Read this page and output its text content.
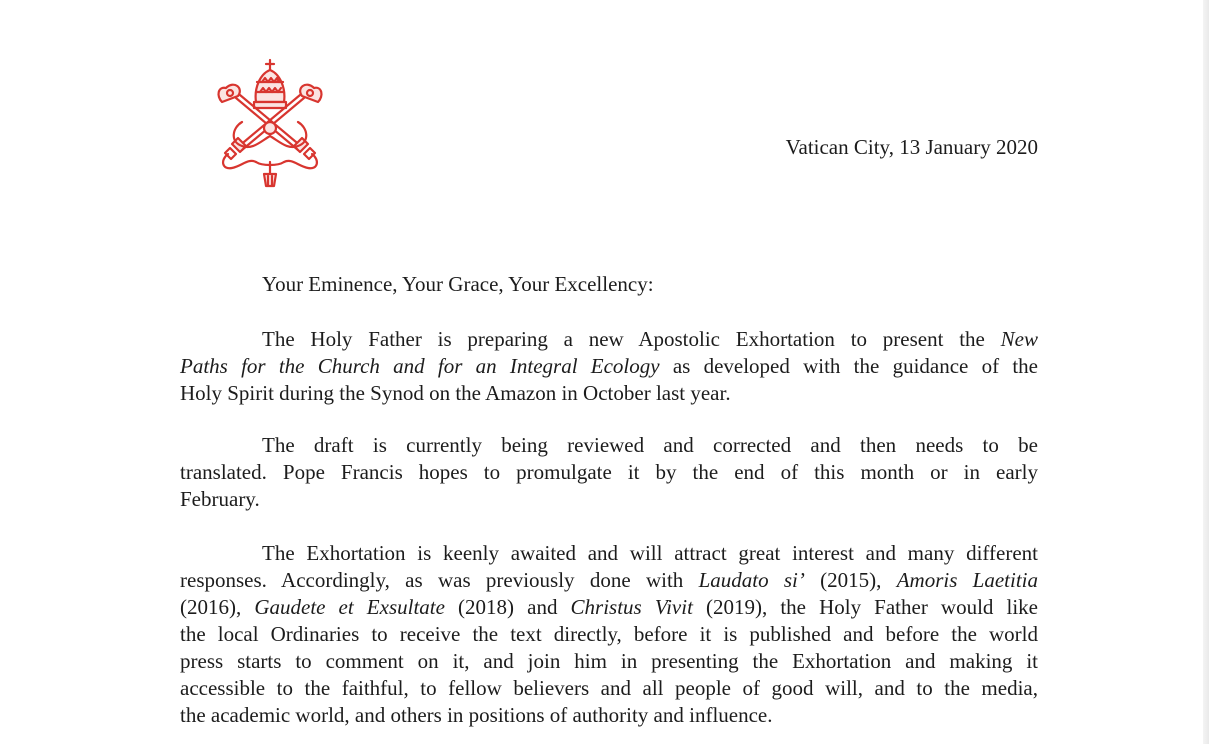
Vatican City, 13 January 2020
Your Eminence, Your Grace, Your Excellency:
The Holy Father is preparing a new Apostolic Exhortation to present the New
Paths for the Church and for an Integral Ecology as developed with the guidance of the
Holy Spirit during the Synod on the Amazon in October last year.
The draft is currently being reviewed and corrected and then needs to be
translated. Pope Francis hopes to promulgate it by the end of this month or in early
February.
The Exhortation is keenly awaited and will attract great interest and many different
responses. Accordingly, as was previously done with Laudato si’ (2015), Amoris Laetitia
(2016), Gaudete et Exsultate (2018) and Christus Vivit (2019), the Holy Father would like
the local Ordinaries to receive the text directly, before it is published and before the world
press starts to comment on it, and join him in presenting the Exhortation and making it
accessible to the faithful, to fellow believers and all people of good will, and to the media,
the academic world, and others in positions of authority and influence.
